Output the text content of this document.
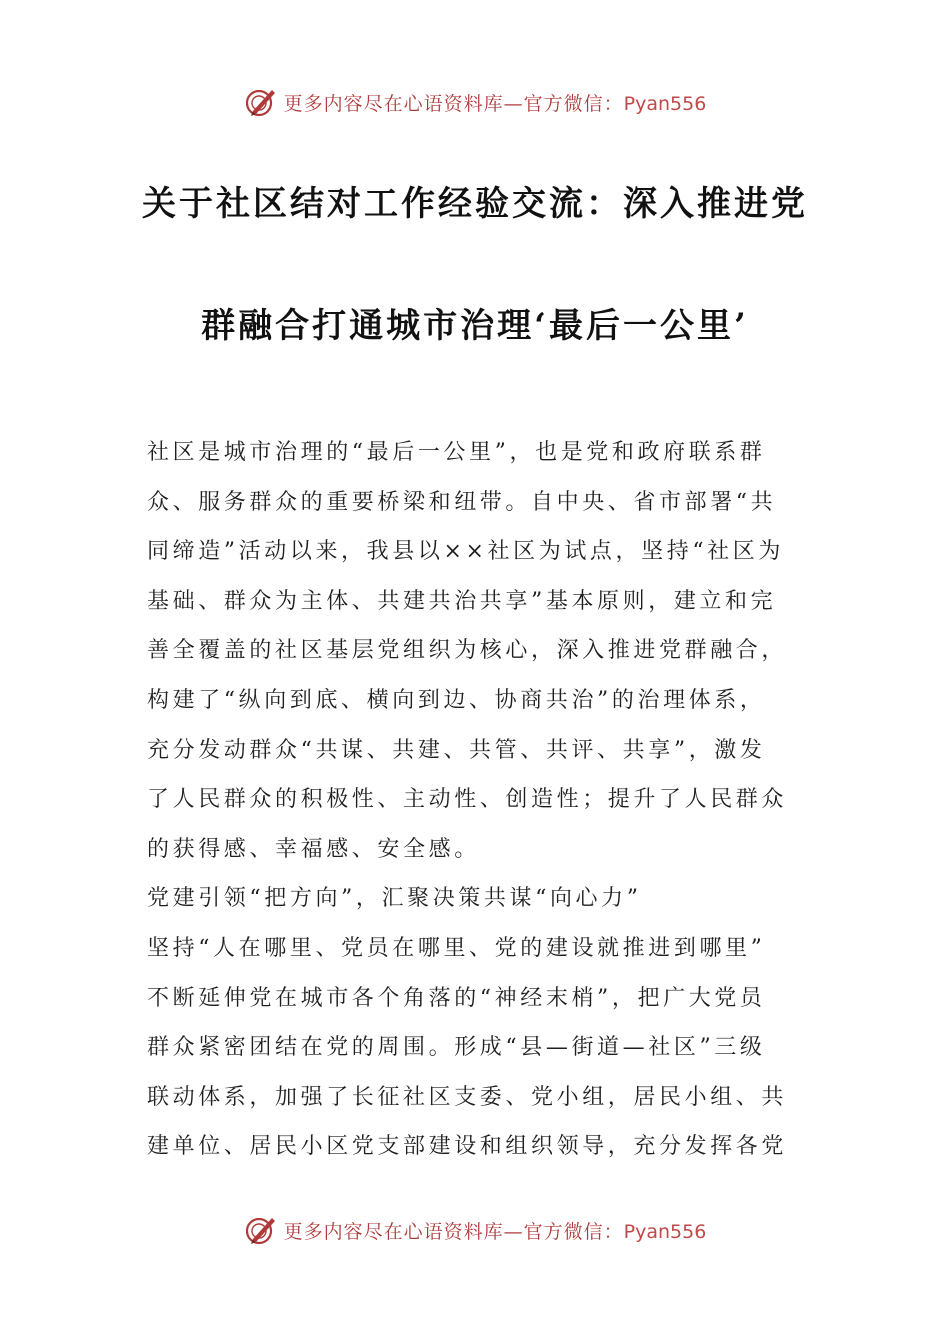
更多内容尽在心语资料库—官方微信：Pyan556
关于社区结对工作经验交流：深入推进党
群融合打通城市治理‘最后一公里’
社区是城市治理的“最后一公里”，也是党和政府联系群
众、服务群众的重要桥梁和纽带。自中央、省市部署“共
同缔造”活动以来，我县以××社区为试点，坚持“社区为
基础、群众为主体、共建共治共享”基本原则，建立和完
善全覆盖的社区基层党组织为核心，深入推进党群融合，
构建了“纵向到底、横向到边、协商共治”的治理体系，
充分发动群众“共谋、共建、共管、共评、共享”，激发
了人民群众的积极性、主动性、创造性；提升了人民群众
的获得感、幸福感、安全感。
党建引领“把方向”，汇聚决策共谋“向心力”
坚持“人在哪里、党员在哪里、党的建设就推进到哪里”
不断延伸党在城市各个角落的“神经末梢”，把广大党员
群众紧密团结在党的周围。形成“县—街道—社区”三级
联动体系，加强了长征社区支委、党小组，居民小组、共
建单位、居民小区党支部建设和组织领导，充分发挥各党
更多内容尽在心语资料库—官方微信：Pyan556
